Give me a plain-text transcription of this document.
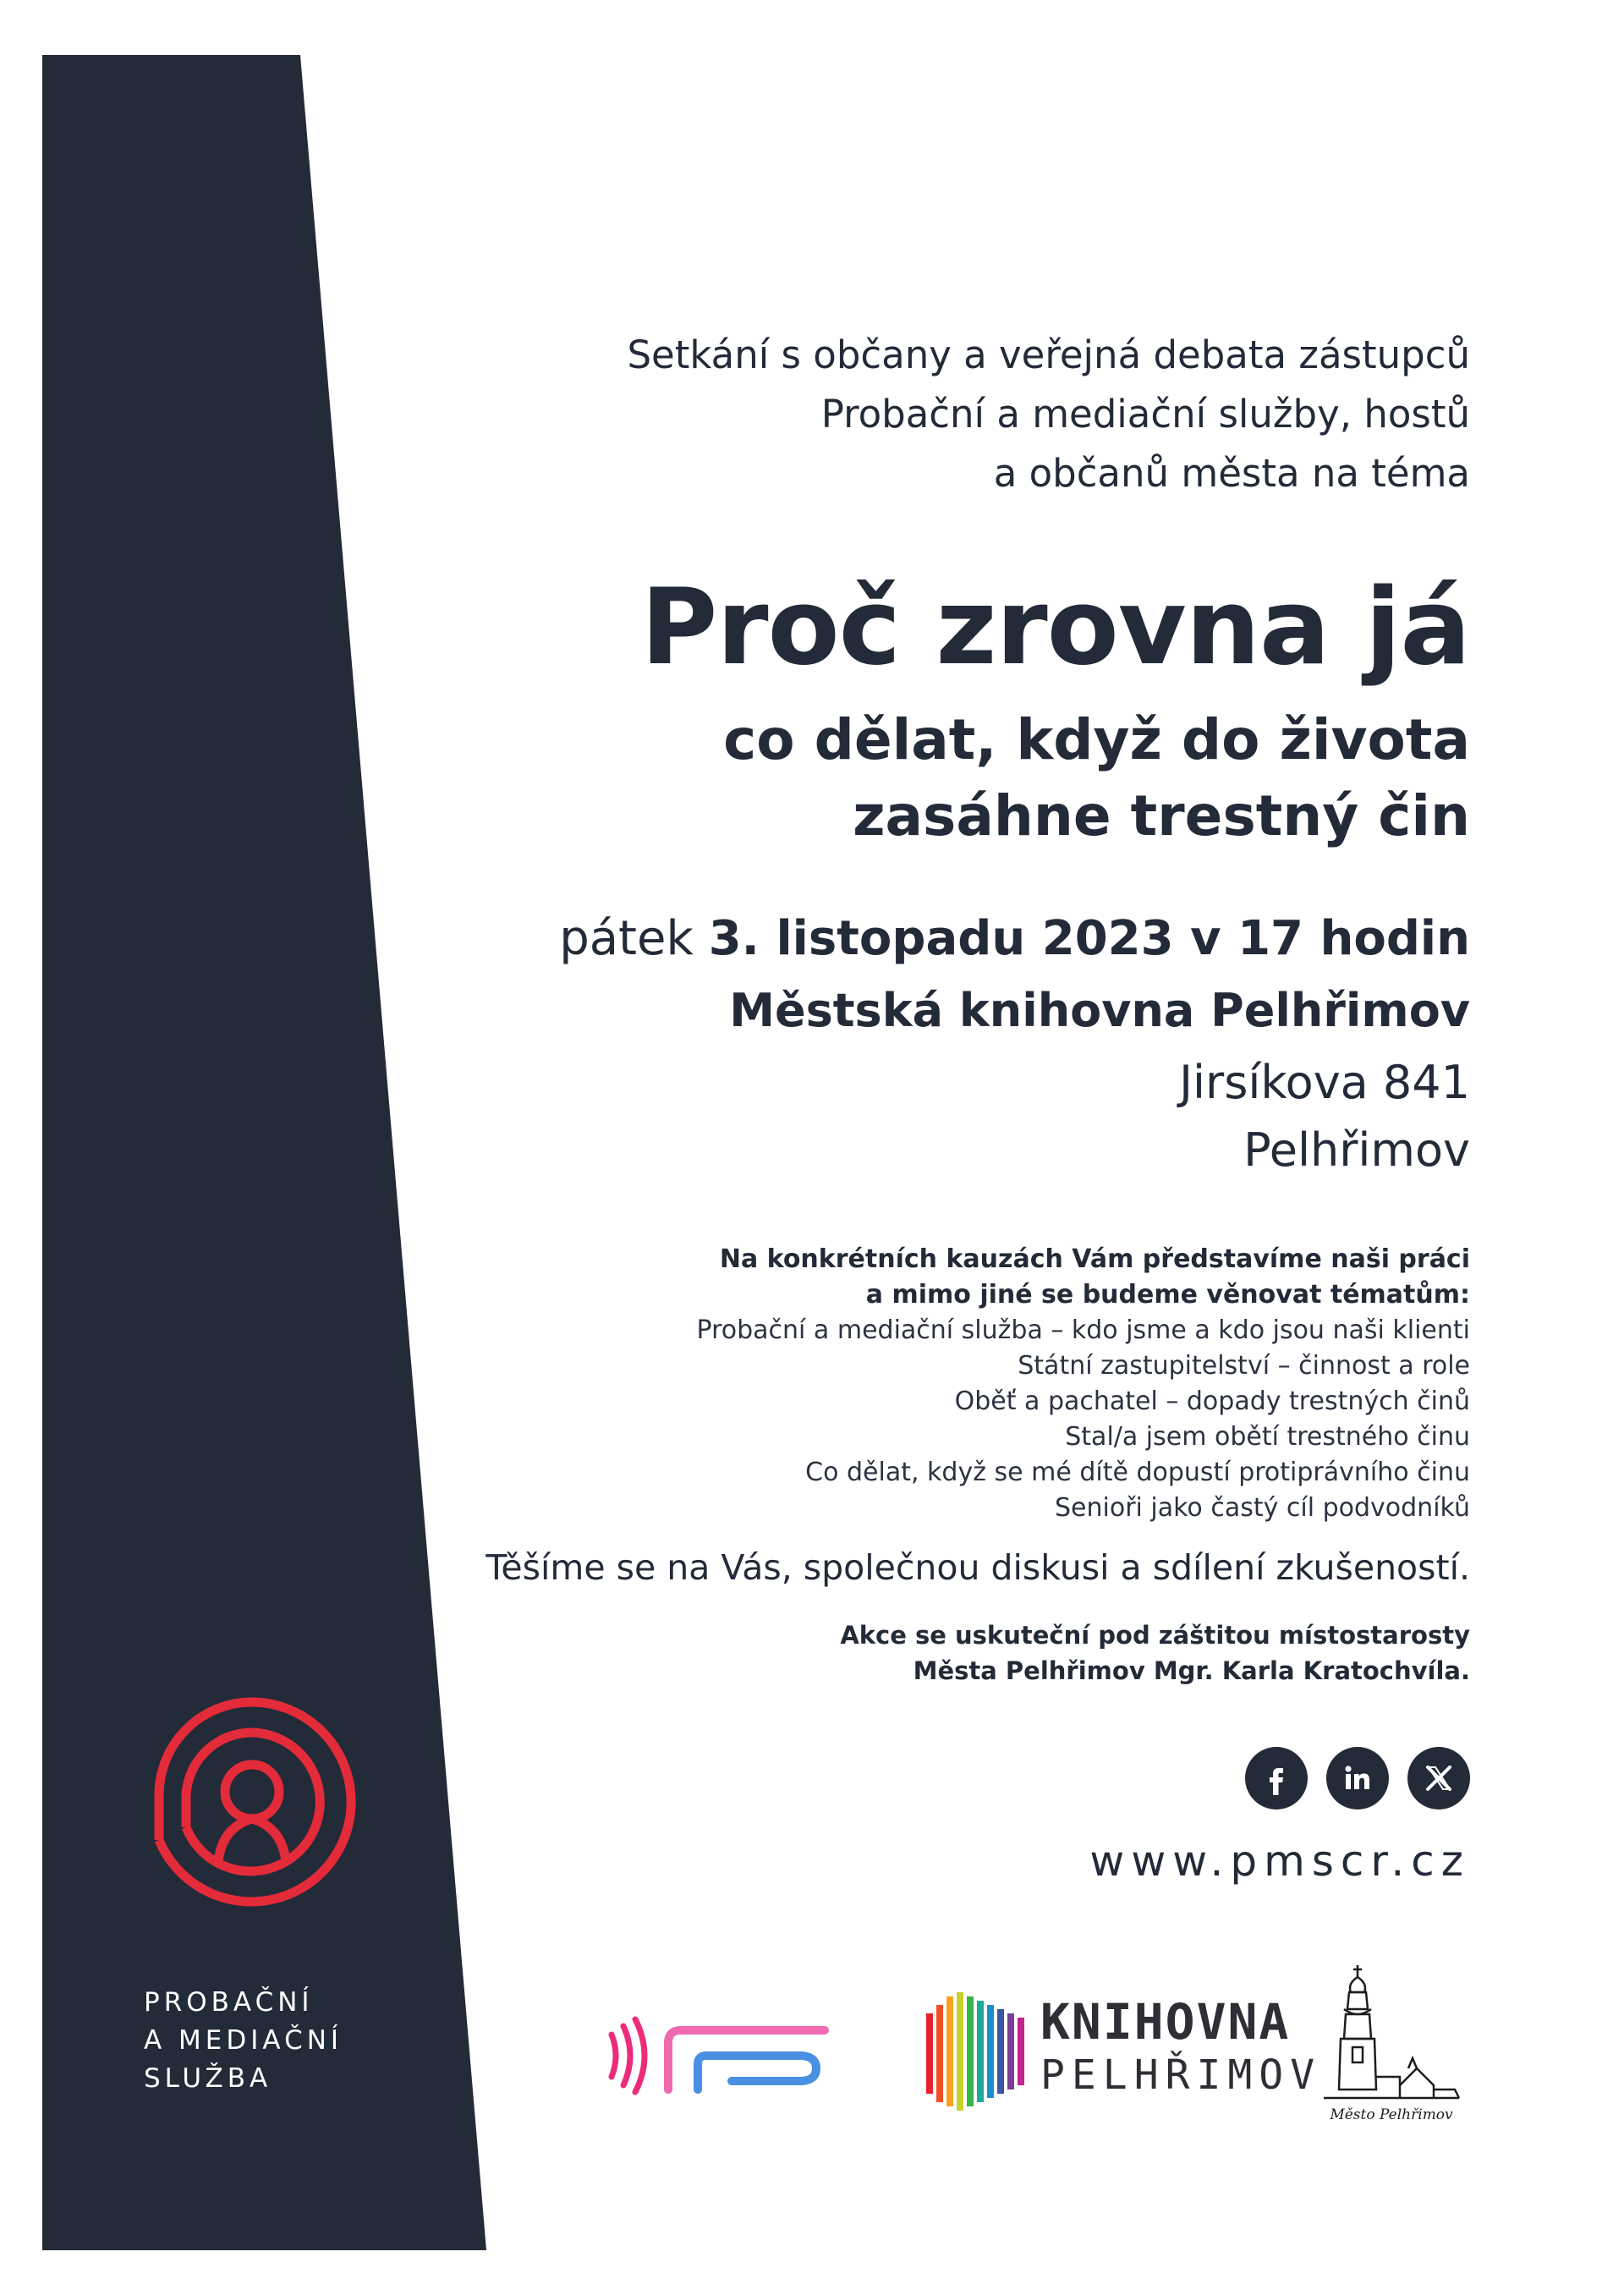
PROBAČNÍ
A MEDIAČNÍ
SLUŽBA
Setkání s občany a veřejná debata zástupců
Probační a mediační služby, hostů
a občanů města na téma
Proč zrovna já
co dělat, když do života
zasáhne trestný čin
pátek 3. listopadu 2023 v 17 hodin
Městská knihovna Pelhřimov
Jirsíkova 841
Pelhřimov
Na konkrétních kauzách Vám představíme naši práci
a mimo jiné se budeme věnovat tématům:
Probační a mediační služba – kdo jsme a kdo jsou naši klienti
Státní zastupitelství – činnost a role
Oběť a pachatel – dopady trestných činů
Stal/a jsem obětí trestného činu
Co dělat, když se mé dítě dopustí protiprávního činu
Senioři jako častý cíl podvodníků
Těšíme se na Vás, společnou diskusi a sdílení zkušeností.
Akce se uskuteční pod záštitou místostarosty
Města Pelhřimov Mgr. Karla Kratochvíla.
www.pmscr.cz
KNIHOVNA
PELHŘIMOV
Město Pelhřimov
